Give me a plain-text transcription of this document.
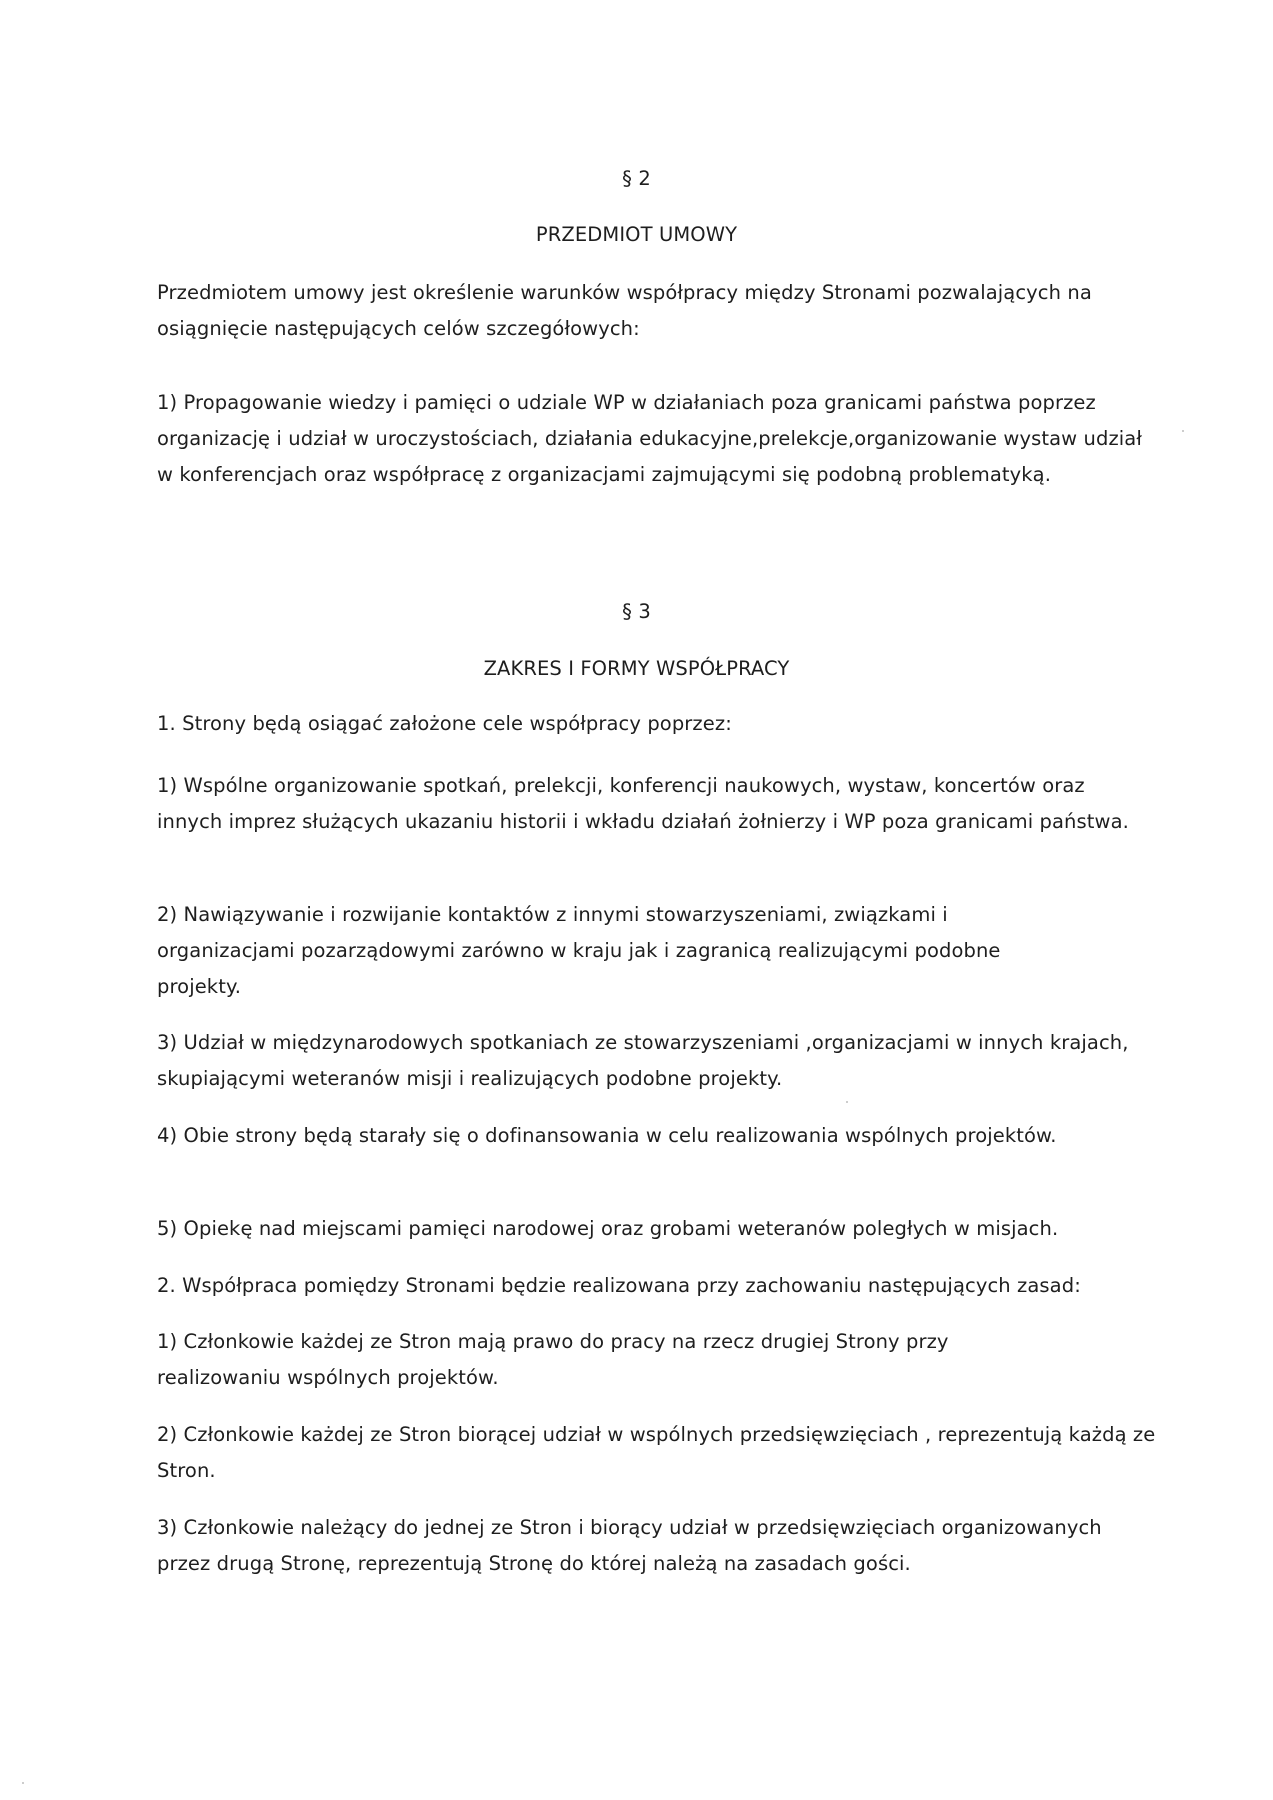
§ 2

PRZEDMIOT UMOWY

Przedmiotem umowy jest określenie warunków współpracy między Stronami pozwalających na osiągnięcie następujących celów szczegółowych:

1) Propagowanie wiedzy i pamięci o udziale WP w działaniach poza granicami państwa poprzez organizację i udział w uroczystościach, działania edukacyjne,prelekcje,organizowanie wystaw udział w konferencjach oraz współpracę z organizacjami zajmującymi się podobną problematyką.

§ 3

ZAKRES I FORMY WSPÓŁPRACY

1. Strony będą osiągać założone cele współpracy poprzez:

1) Wspólne organizowanie spotkań, prelekcji, konferencji naukowych, wystaw, koncertów oraz innych imprez służących ukazaniu historii i wkładu działań żołnierzy i WP poza granicami państwa.

2) Nawiązywanie i rozwijanie kontaktów z innymi stowarzyszeniami, związkami i organizacjami pozarządowymi zarówno w kraju jak i zagranicą realizującymi podobne projekty.

3) Udział w międzynarodowych spotkaniach ze stowarzyszeniami ,organizacjami w innych krajach, skupiającymi weteranów misji i realizujących podobne projekty.

4) Obie strony będą starały się o dofinansowania w celu realizowania wspólnych projektów.

5) Opiekę nad miejscami pamięci narodowej oraz grobami weteranów poległych w misjach.

2. Współpraca pomiędzy Stronami będzie realizowana przy zachowaniu następujących zasad:

1) Członkowie każdej ze Stron mają prawo do pracy na rzecz drugiej Strony przy realizowaniu wspólnych projektów.

2) Członkowie każdej ze Stron biorącej udział w wspólnych przedsięwzięciach , reprezentują każdą ze Stron.

3) Członkowie należący do jednej ze Stron i biorący udział w przedsięwzięciach organizowanych przez drugą Stronę, reprezentują Stronę do której należą na zasadach gości.
